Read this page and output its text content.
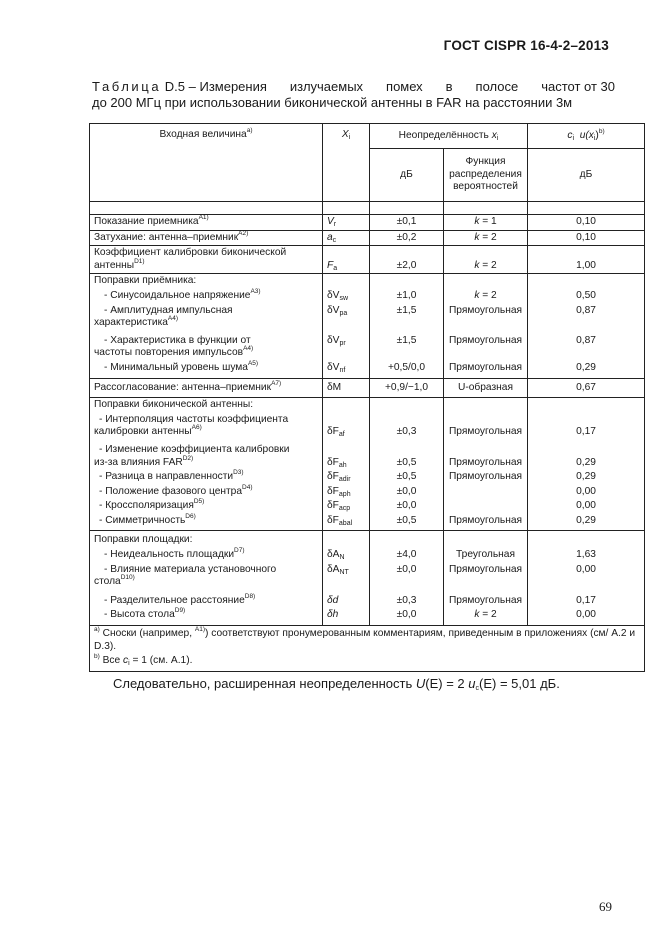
ГОСТ CISPR 16-4-2–2013
Таблица D.5 – Измерения излучаемых помех в полосе частот от 30
до 200 МГц при использовании биконической антенны в FAR на расстоянии 3м
Входная величина$^{a)}$	$X_i$	Неопределённость $x_i$		$c_i$ $u(x_i)^{b)}$
		дБ	Функция распределения вероятностей	дБ

Показание приемника$^{A1)}$	$V_r$	±0,1	k = 1	0,10
Затухание: антенна–приемник$^{A2)}$	$a_c$	±0,2	k = 2	0,10
Коэффициент калибровки биконической антенны$^{D1)}$	$F_a$	±2,0	k = 2	1,00
Поправки приёмника:				
- Синусоидальное напряжение$^{A3)}$	$\delta V_{sw}$	±1,0	k = 2	0,50
- Амплитудная импульсная
характеристика$^{A4)}$	$\delta V_{pa}$	±1,5	Прямоугольная	0,87
- Характеристика в функции от
частоты повторения импульсов$^{A4)}$	$\delta V_{pr}$	±1,5	Прямоугольная	0,87
- Минимальный уровень шума$^{A5)}$	$\delta V_{nf}$	+0,5/0,0	Прямоугольная	0,29
Рассогласование: антенна–приемник$^{A7)}$	δM	+0,9/−1,0	U-образная	0,67
Поправки биконической антенны:				
- Интерполяция частоты коэффициента
калибровки антенны$^{A6)}$	$\delta F_{af}$	±0,3	Прямоугольная	0,17
- Изменение коэффициента калибровки
из-за влияния $FAR^{D2)}$	$\delta F_{ah}$	±0,5	Прямоугольная	0,29
- Разница в направленности$^{D3)}$	$\delta F_{adir}$	±0,5	Прямоугольная	0,29
- Положение фазового центра$^{D4)}$	$\delta F_{aph}$	±0,0		0,00
- Кроссполяризация$^{D5)}$	$\delta F_{acp}$	±0,0		0,00
- Симметричность$^{D6)}$	$\delta F_{abal}$	±0,5	Прямоугольная	0,29
Поправки площадки:				
- Неидеальность площадки$^{D7)}$	$\delta A_N$	±4,0	Треугольная	1,63
- Влияние материала установочного
стола$^{D10)}$	$\delta A_{NT}$	±0,0	Прямоугольная	0,00
- Разделительное расстояние$^{D8)}$	δd	±0,3	Прямоугольная	0,17
- Высота стола$^{D9)}$	δh	±0,0	k = 2	0,00
$^{a)}$ Сноски (например, $^{A1)}$) соответствуют пронумерованным комментариям, приведенным в приложениях (см/ A.2 и D.3).				
$^{b)}$ Все $c_i = 1$ (см. А.1).				
Следовательно, расширенная неопределенность U(E) = 2 $u_c(E) = 5,01$ дБ.
69
